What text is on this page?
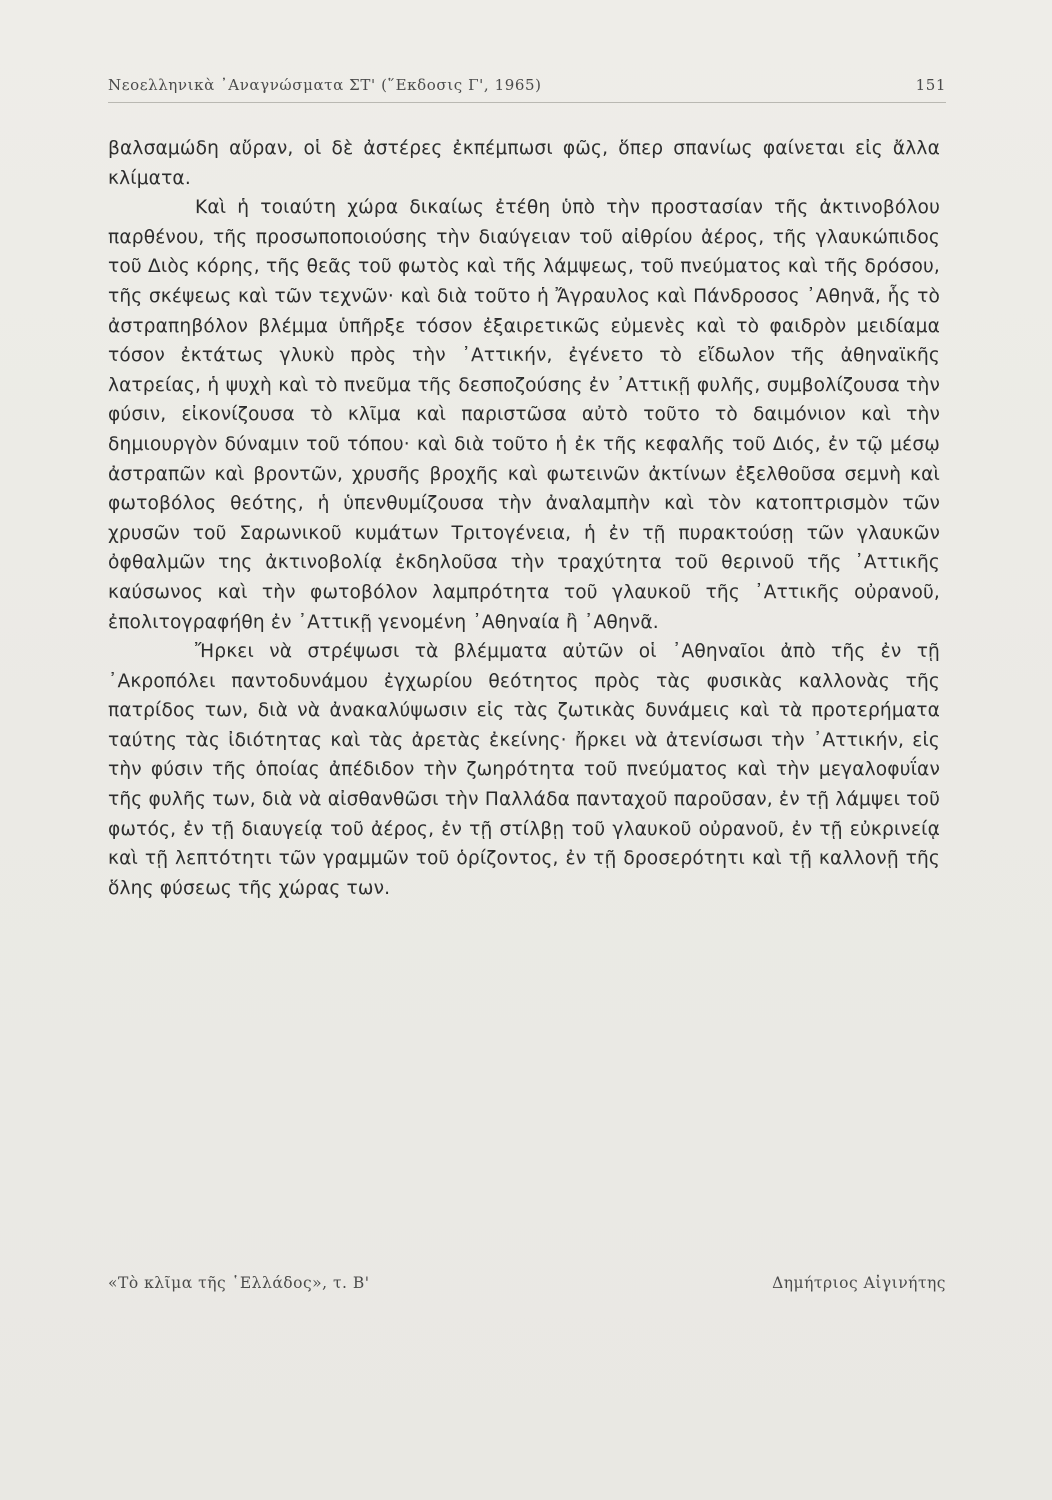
Νεοελληνικὰ ᾿Αναγνώσματα ΣΤ' (῞Εκδοσις Γ', 1965)	151

βαλσαμώδη αὔραν, οἱ δὲ ἀστέρες ἐκπέμπωσι φῶς, ὅπερ σπανίως φαίνεται εἰς ἄλλα κλίματα.

Καὶ ἡ τοιαύτη χώρα δικαίως ἐτέθη ὑπὸ τὴν προστασίαν τῆς ἀκτινοβόλου παρθένου, τῆς προσωποποιούσης τὴν διαύγειαν τοῦ αἰθρίου ἀέρος, τῆς γλαυκώπιδος τοῦ Διὸς κόρης, τῆς θεᾶς τοῦ φωτὸς καὶ τῆς λάμψεως, τοῦ πνεύματος καὶ τῆς δρόσου, τῆς σκέψεως καὶ τῶν τεχνῶν· καὶ διὰ τοῦτο ἡ Ἄγραυλος καὶ Πάνδροσος ᾿Αθηνᾶ, ἧς τὸ ἀστραπηβόλον βλέμμα ὑπῆρξε τόσον ἐξαιρετικῶς εὐμενὲς καὶ τὸ φαιδρὸν μειδίαμα τόσον ἐκτάτως γλυκὺ πρὸς τὴν ᾿Αττικήν, ἐγένετο τὸ εἴδωλον τῆς ἀθηναϊκῆς λατρείας, ἡ ψυχὴ καὶ τὸ πνεῦμα τῆς δεσποζούσης ἐν ᾿Αττικῇ φυλῆς, συμβολίζουσα τὴν φύσιν, εἰκονίζουσα τὸ κλῖμα καὶ παριστῶσα αὐτὸ τοῦτο τὸ δαιμόνιον καὶ τὴν δημιουργὸν δύναμιν τοῦ τόπου· καὶ διὰ τοῦτο ἡ ἐκ τῆς κεφαλῆς τοῦ Διός, ἐν τῷ μέσῳ ἀστραπῶν καὶ βροντῶν, χρυσῆς βροχῆς καὶ φωτεινῶν ἀκτίνων ἐξελθοῦσα σεμνὴ καὶ φωτοβόλος θεότης, ἡ ὑπενθυμίζουσα τὴν ἀναλαμπὴν καὶ τὸν κατοπτρισμὸν τῶν χρυσῶν τοῦ Σαρωνικοῦ κυμάτων Τριτογένεια, ἡ ἐν τῇ πυρακτούσῃ τῶν γλαυκῶν ὀφθαλμῶν της ἀκτινοβολίᾳ ἐκδηλοῦσα τὴν τραχύτητα τοῦ θερινοῦ τῆς ᾿Αττικῆς καύσωνος καὶ τὴν φωτοβόλον λαμπρότητα τοῦ γλαυκοῦ τῆς ᾿Αττικῆς οὐρανοῦ, ἐπολιτογραφήθη ἐν ᾿Αττικῇ γενομένη ᾿Αθηναία ἢ ᾿Αθηνᾶ.

Ἤρκει νὰ στρέψωσι τὰ βλέμματα αὐτῶν οἱ ᾿Αθηναῖοι ἀπὸ τῆς ἐν τῇ ᾿Ακροπόλει παντοδυνάμου ἐγχωρίου θεότητος πρὸς τὰς φυσικὰς καλλονὰς τῆς πατρίδος των, διὰ νὰ ἀνακαλύψωσιν εἰς τὰς ζωτικὰς δυνάμεις καὶ τὰ προτερήματα ταύτης τὰς ἰδιότητας καὶ τὰς ἀρετὰς ἐκείνης· ἤρκει νὰ ἀτενίσωσι τὴν ᾿Αττικήν, εἰς τὴν φύσιν τῆς ὁποίας ἀπέδιδον τὴν ζωηρότητα τοῦ πνεύματος καὶ τὴν μεγαλοφυΐαν τῆς φυλῆς των, διὰ νὰ αἰσθανθῶσι τὴν Παλλάδα πανταχοῦ παροῦσαν, ἐν τῇ λάμψει τοῦ φωτός, ἐν τῇ διαυγείᾳ τοῦ ἀέρος, ἐν τῇ στίλβῃ τοῦ γλαυκοῦ οὐρανοῦ, ἐν τῇ εὐκρινείᾳ καὶ τῇ λεπτότητι τῶν γραμμῶν τοῦ ὁρίζοντος, ἐν τῇ δροσερότητι καὶ τῇ καλλονῇ τῆς ὅλης φύσεως τῆς χώρας των.

«Τὸ κλῖμα τῆς ῾Ελλάδος», τ. Β'	Δημήτριος Αἰγινήτης
